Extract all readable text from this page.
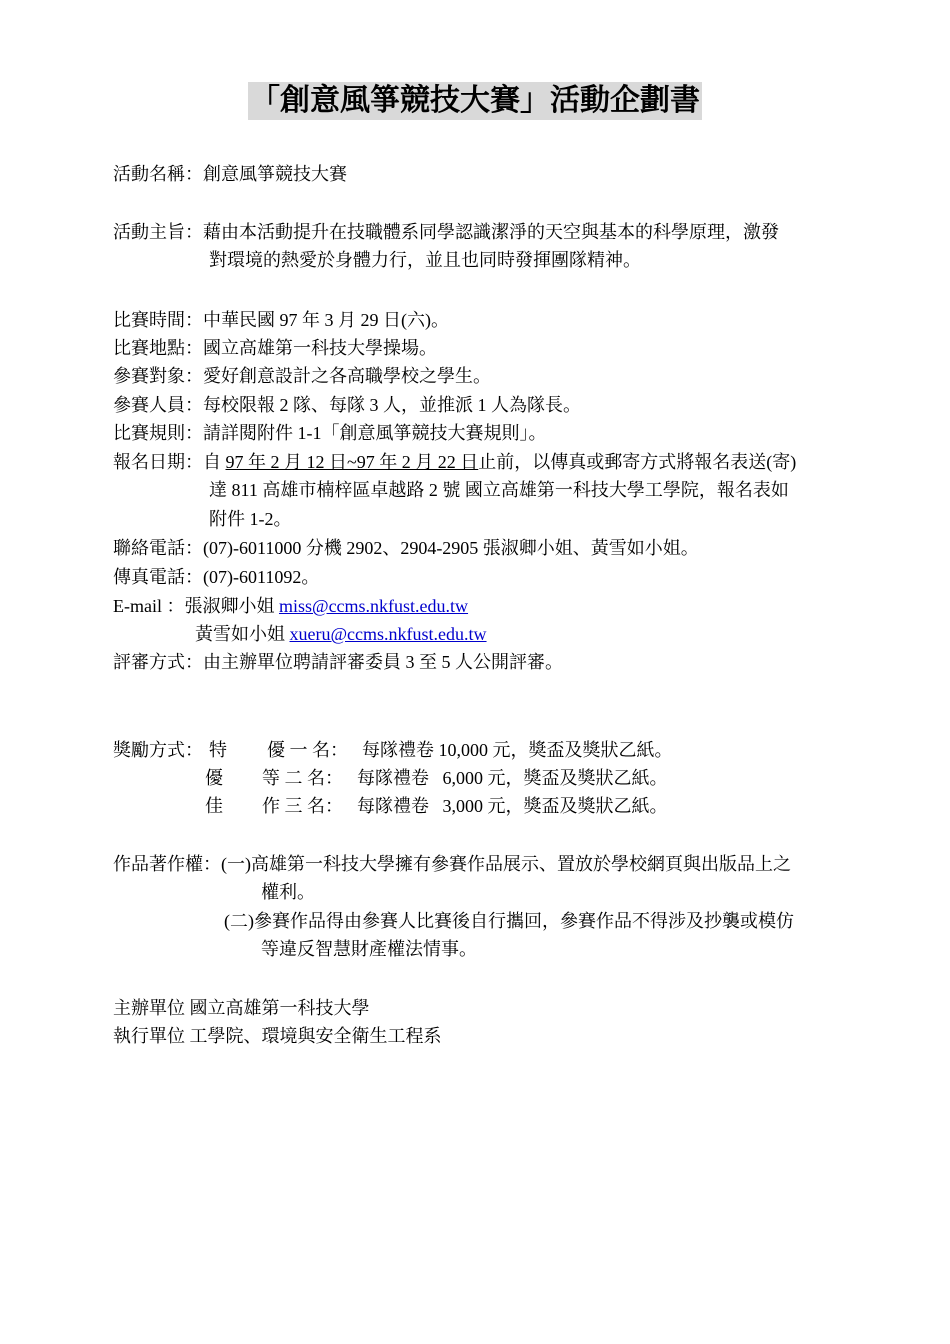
「創意風箏競技大賽」活動企劃書
活動名稱：創意風箏競技大賽
活動主旨：藉由本活動提升在技職體系同學認識潔淨的天空與基本的科學原理，激發
對環境的熱愛於身體力行，並且也同時發揮團隊精神。
比賽時間：中華民國 97 年 3 月 29 日(六)。
比賽地點：國立高雄第一科技大學操場。
參賽對象：愛好創意設計之各高職學校之學生。
參賽人員：每校限報 2 隊、每隊 3 人，並推派 1 人為隊長。
比賽規則：請詳閱附件 1-1「創意風箏競技大賽規則」。
報名日期：自 97 年 2 月 12 日~97 年 2 月 22 日止前，以傳真或郵寄方式將報名表送(寄)
達 811 高雄市楠梓區卓越路 2 號 國立高雄第一科技大學工學院，報名表如
附件 1-2。
聯絡電話：(07)-6011000 分機 2902、2904-2905 張淑卿小姐、黃雪如小姐。
傳真電話：(07)-6011092。
E-mail ：張淑卿小姐 miss@ccms.nkfust.edu.tw
黃雪如小姐 xueru@ccms.nkfust.edu.tw
評審方式：由主辦單位聘請評審委員 3 至 5 人公開評審。
獎勵方式： 特 優 一 名： 每隊禮卷 10,000 元，獎盃及獎狀乙紙。
優 等 二 名： 每隊禮卷   6,000 元，獎盃及獎狀乙紙。
佳 作 三 名： 每隊禮卷   3,000 元，獎盃及獎狀乙紙。
作品著作權：(一)高雄第一科技大學擁有參賽作品展示、置放於學校網頁與出版品上之
權利。
(二)參賽作品得由參賽人比賽後自行攜回，參賽作品不得涉及抄襲或模仿
等違反智慧財產權法情事。
主辦單位 國立高雄第一科技大學
執行單位 工學院、環境與安全衛生工程系
